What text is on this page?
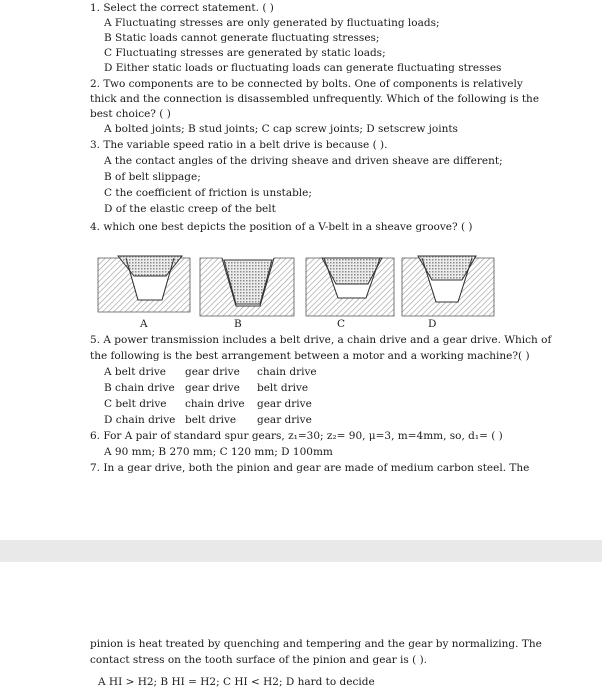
1. Select the correct statement. ( )
A Fluctuating stresses are only generated by fluctuating loads;
B Static loads cannot generate fluctuating stresses;
C Fluctuating stresses are generated by static loads;
D Either static loads or fluctuating loads can generate fluctuating stresses
2. Two components are to be connected by bolts. One of components is relatively
thick and the connection is disassembled unfrequently. Which of the following is the
best choice? ( )
A bolted joints; B stud joints; C cap screw joints; D setscrew joints
3. The variable speed ratio in a belt drive is because ( ).
A the contact angles of the driving sheave and driven sheave are different;
B of belt slippage;
C the coefficient of friction is unstable;
D of the elastic creep of the belt
4. which one best depicts the position of a V-belt in a sheave groove? ( )
A	B	C	D
5. A power transmission includes a belt drive, a chain drive and a gear drive. Which of
the following is the best arrangement between a motor and a working machine?( )
A belt drive gear drive chain drive
B chain drive gear drive belt drive
C belt drive chain drive gear drive
D chain drive belt drive gear drive
6. For A pair of standard spur gears, z₁=30; z₂= 90, μ=3, m=4mm, so, d₁= ( )
A 90 mm; B 270 mm; C 120 mm; D 100mm
7. In a gear drive, both the pinion and gear are made of medium carbon steel. The
pinion is heat treated by quenching and tempering and the gear by normalizing. The
contact stress on the tooth surface of the pinion and gear is ( ).
A HI > H2; B HI = H2; C HI < H2; D hard to decide
